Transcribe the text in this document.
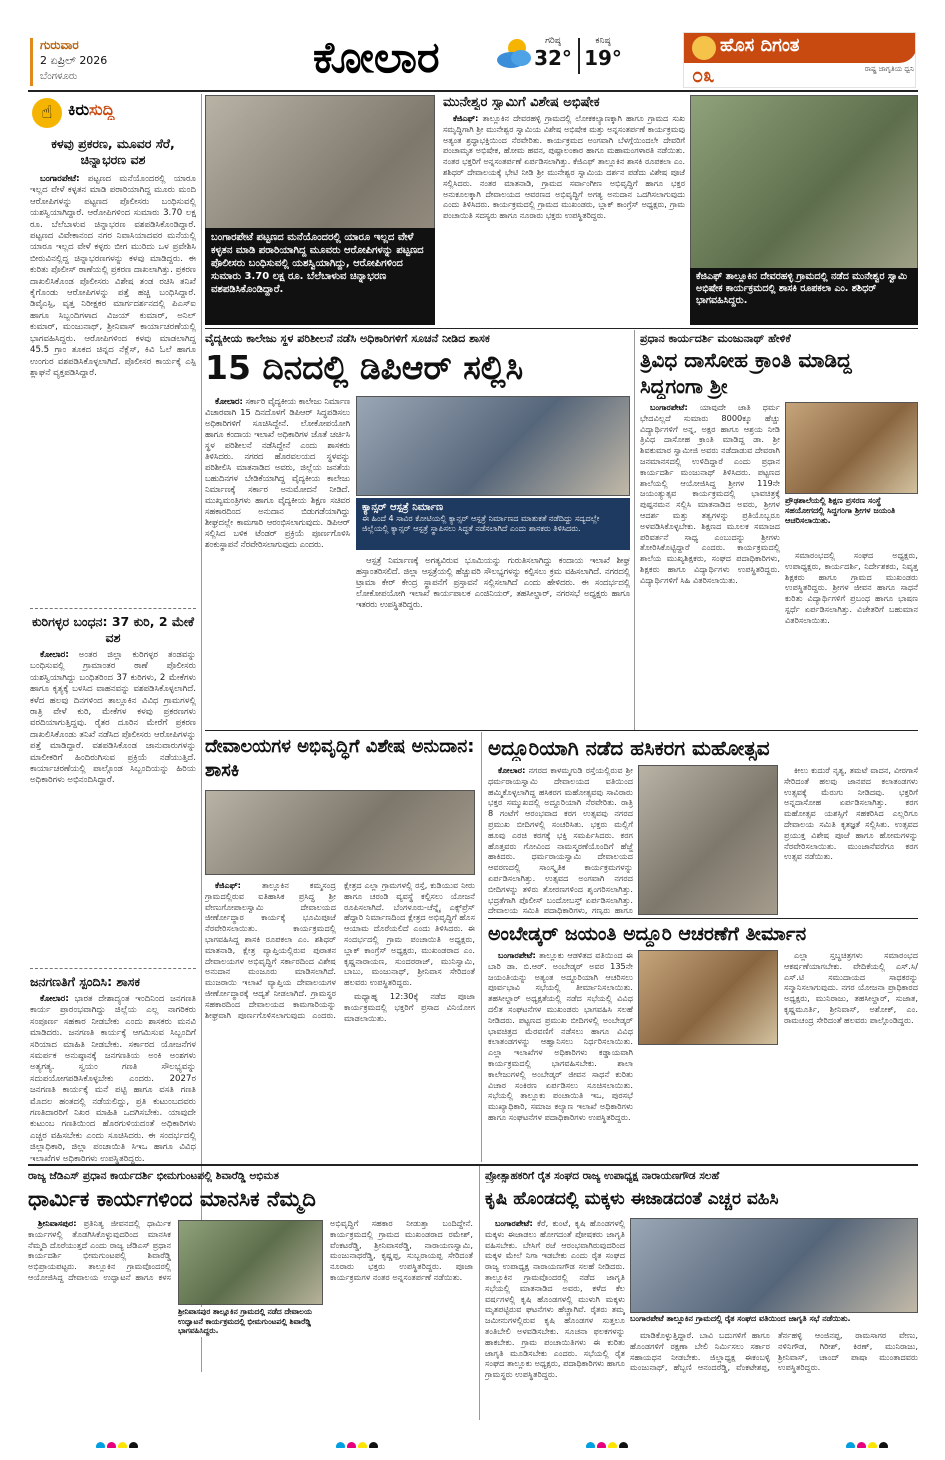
ಗುರುವಾರ
2 ಏಪ್ರಿಲ್ 2026
ಬೆಂಗಳೂರು	ಕೋಲಾರ	ಗರಿಷ್ಠ
32°
ಕನಿಷ್ಠ
19°
ಹೊಸ ದಿಗಂತ
ರಾಷ್ಟ್ರ ಜಾಗೃತಿಯ ಧ್ವನಿ
೦೩
☝ ಕಿರುಸುದ್ದಿ
ಕಳವು ಪ್ರಕರಣ, ಮೂವರ ಸೆರೆ, ಚಿನ್ನಾಭರಣ ವಶ

ಬಂಗಾರಪೇಟೆ: ಪಟ್ಟಣದ ಮನೆಯೊಂದರಲ್ಲಿ ಯಾರೂ ಇಲ್ಲದ ವೇಳೆ ಕಳ್ಳತನ ಮಾಡಿ ಪರಾರಿಯಾಗಿದ್ದ ಮೂರು ಮಂದಿ ಆರೋಪಿಗಳನ್ನು ಪಟ್ಟಣದ ಪೊಲೀಸರು ಬಂಧಿಸುವಲ್ಲಿ ಯಶಸ್ವಿಯಾಗಿದ್ದಾರೆ. ಆರೋಪಿಗಳಿಂದ ಸುಮಾರು 3.70 ಲಕ್ಷ ರೂ. ಬೆಲೆಬಾಳುವ ಚಿನ್ನಾಭರಣ ವಶಪಡಿಸಿಕೊಂಡಿದ್ದಾರೆ. ಪಟ್ಟಣದ ವಿವೇಕಾನಂದ ನಗರ ನಿವಾಸಿಯಾದವರ ಮನೆಯಲ್ಲಿ ಯಾರೂ ಇಲ್ಲದ ವೇಳೆ ಕಳ್ಳರು ಬೀಗ ಮುರಿದು ಒಳ ಪ್ರವೇಶಿಸಿ ಬೀರುವಿನಲ್ಲಿದ್ದ ಚಿನ್ನಾಭರಣಗಳನ್ನು ಕಳವು ಮಾಡಿದ್ದರು. ಈ ಕುರಿತು ಪೊಲೀಸ್ ಠಾಣೆಯಲ್ಲಿ ಪ್ರಕರಣ ದಾಖಲಾಗಿತ್ತು. ಪ್ರಕರಣ ದಾಖಲಿಸಿಕೊಂಡ ಪೊಲೀಸರು ವಿಶೇಷ ತಂಡ ರಚಿಸಿ ತನಿಖೆ ಕೈಗೊಂಡು ಆರೋಪಿಗಳನ್ನು ಪತ್ತೆ ಹಚ್ಚಿ ಬಂಧಿಸಿದ್ದಾರೆ. ಡಿವೈಎಸ್ಪಿ, ವೃತ್ತ ನಿರೀಕ್ಷಕರ ಮಾರ್ಗದರ್ಶನದಲ್ಲಿ ಪಿಎಸ್ಐ ಹಾಗೂ ಸಿಬ್ಬಂದಿಗಳಾದ ವಿಜಯ್ ಕುಮಾರ್, ಅನಿಲ್ ಕುಮಾರ್, ಮಂಜುನಾಥ್, ಶ್ರೀನಿವಾಸ್ ಕಾರ್ಯಾಚರಣೆಯಲ್ಲಿ ಭಾಗವಹಿಸಿದ್ದರು. ಆರೋಪಿಗಳಿಂದ ಕಳವು ಮಾಡಲಾಗಿದ್ದ 45.5 ಗ್ರಾಂ ತೂಕದ ಚಿನ್ನದ ನೆಕ್ಲೆಸ್, ಕಿವಿ ಓಲೆ ಹಾಗೂ ಉಂಗುರ ವಶಪಡಿಸಿಕೊಳ್ಳಲಾಗಿದೆ. ಪೊಲೀಸರ ಕಾರ್ಯಕ್ಕೆ ಎಸ್ಪಿ ಶ್ಲಾಘನೆ ವ್ಯಕ್ತಪಡಿಸಿದ್ದಾರೆ.

ಕುರಿಗಳ್ಳರ ಬಂಧನ: 37 ಕುರಿ, 2 ಮೇಕೆ ವಶ

ಕೋಲಾರ: ಅಂತರ ಜಿಲ್ಲಾ ಕುರಿಗಳ್ಳರ ತಂಡವನ್ನು ಬಂಧಿಸುವಲ್ಲಿ ಗ್ರಾಮಾಂತರ ಠಾಣೆ ಪೊಲೀಸರು ಯಶಸ್ವಿಯಾಗಿದ್ದು ಬಂಧಿತರಿಂದ 37 ಕುರಿಗಳು, 2 ಮೇಕೆಗಳು ಹಾಗೂ ಕೃತ್ಯಕ್ಕೆ ಬಳಸಿದ ವಾಹನವನ್ನು ವಶಪಡಿಸಿಕೊಳ್ಳಲಾಗಿದೆ. ಕಳೆದ ಹಲವು ದಿನಗಳಿಂದ ತಾಲ್ಲೂಕಿನ ವಿವಿಧ ಗ್ರಾಮಗಳಲ್ಲಿ ರಾತ್ರಿ ವೇಳೆ ಕುರಿ, ಮೇಕೆಗಳ ಕಳವು ಪ್ರಕರಣಗಳು ವರದಿಯಾಗುತ್ತಿದ್ದವು. ರೈತರ ದೂರಿನ ಮೇರೆಗೆ ಪ್ರಕರಣ ದಾಖಲಿಸಿಕೊಂಡು ತನಿಖೆ ನಡೆಸಿದ ಪೊಲೀಸರು ಆರೋಪಿಗಳನ್ನು ಪತ್ತೆ ಮಾಡಿದ್ದಾರೆ. ವಶಪಡಿಸಿಕೊಂಡ ಜಾನುವಾರುಗಳನ್ನು ಮಾಲೀಕರಿಗೆ ಹಿಂದಿರುಗಿಸುವ ಪ್ರಕ್ರಿಯೆ ನಡೆಯುತ್ತಿದೆ. ಕಾರ್ಯಾಚರಣೆಯಲ್ಲಿ ಪಾಲ್ಗೊಂಡ ಸಿಬ್ಬಂದಿಯನ್ನು ಹಿರಿಯ ಅಧಿಕಾರಿಗಳು ಅಭಿನಂದಿಸಿದ್ದಾರೆ.

ಜನಗಣತಿಗೆ ಸ್ಪಂದಿಸಿ: ಶಾಸಕ

ಕೋಲಾರ: ಭಾರತ ದೇಶಾದ್ಯಂತ ಇಂದಿನಿಂದ ಜನಗಣತಿ ಕಾರ್ಯ ಪ್ರಾರಂಭವಾಗಿದ್ದು ಜಿಲ್ಲೆಯ ಎಲ್ಲ ನಾಗರಿಕರು ಸಂಪೂರ್ಣ ಸಹಕಾರ ನೀಡಬೇಕು ಎಂದು ಶಾಸಕರು ಮನವಿ ಮಾಡಿದರು. ಜನಗಣತಿ ಕಾರ್ಯಕ್ಕೆ ಆಗಮಿಸುವ ಸಿಬ್ಬಂದಿಗೆ ಸರಿಯಾದ ಮಾಹಿತಿ ನೀಡಬೇಕು. ಸರ್ಕಾರದ ಯೋಜನೆಗಳ ಸಮರ್ಪಕ ಅನುಷ್ಠಾನಕ್ಕೆ ಜನಗಣತಿಯ ಅಂಕಿ ಅಂಶಗಳು ಅತ್ಯಗತ್ಯ. ಸ್ವಯಂ ಗಣತಿ ಸೌಲಭ್ಯವನ್ನು ಸದುಪಯೋಗಪಡಿಸಿಕೊಳ್ಳಬೇಕು ಎಂದರು. 2027ರ ಜನಗಣತಿ ಕಾರ್ಯಕ್ಕೆ ಮನೆ ಪಟ್ಟಿ ಹಾಗೂ ವಸತಿ ಗಣತಿ ಮೊದಲ ಹಂತದಲ್ಲಿ ನಡೆಯಲಿದ್ದು, ಪ್ರತಿ ಕುಟುಂಬದವರು ಗಣತಿದಾರರಿಗೆ ನಿಖರ ಮಾಹಿತಿ ಒದಗಿಸಬೇಕು. ಯಾವುದೇ ಕುಟುಂಬ ಗಣತಿಯಿಂದ ಹೊರಗುಳಿಯದಂತೆ ಅಧಿಕಾರಿಗಳು ಎಚ್ಚರ ವಹಿಸಬೇಕು ಎಂದು ಸೂಚಿಸಿದರು. ಈ ಸಂದರ್ಭದಲ್ಲಿ ಜಿಲ್ಲಾಧಿಕಾರಿ, ಜಿಲ್ಲಾ ಪಂಚಾಯಿತಿ ಸಿಇಒ ಹಾಗೂ ವಿವಿಧ ಇಲಾಖೆಗಳ ಅಧಿಕಾರಿಗಳು ಉಪಸ್ಥಿತರಿದ್ದರು.

ಬಂಗಾರಪೇಟೆ ಪಟ್ಟಣದ ಮನೆಯೊಂದರಲ್ಲಿ ಯಾರೂ ಇಲ್ಲದ ವೇಳೆ ಕಳ್ಳತನ ಮಾಡಿ ಪರಾರಿಯಾಗಿದ್ದ ಮೂವರು ಆರೋಪಿಗಳನ್ನು ಪಟ್ಟಣದ ಪೊಲೀಸರು ಬಂಧಿಸುವಲ್ಲಿ ಯಶಸ್ವಿಯಾಗಿದ್ದು, ಆರೋಪಿಗಳಿಂದ ಸುಮಾರು 3.70 ಲಕ್ಷ ರೂ. ಬೆಲೆಬಾಳುವ ಚಿನ್ನಾಭರಣ ವಶಪಡಿಸಿಕೊಂಡಿದ್ದಾರೆ.
ಮುನೇಶ್ವರ ಸ್ವಾಮಿಗೆ ವಿಶೇಷ ಅಭಿಷೇಕ

ಕೆಜಿಎಫ್: ತಾಲ್ಲೂಕಿನ ದೇವರಹಳ್ಳಿ ಗ್ರಾಮದಲ್ಲಿ ಲೋಕಕಲ್ಯಾಣಕ್ಕಾಗಿ ಹಾಗೂ ಗ್ರಾಮದ ಸುಖ ಸಮೃದ್ಧಿಗಾಗಿ ಶ್ರೀ ಮುನೇಶ್ವರ ಸ್ವಾಮಿಯ ವಿಶೇಷ ಅಭಿಷೇಕ ಮತ್ತು ಅನ್ನಸಂತರ್ಪಣೆ ಕಾರ್ಯಕ್ರಮವು ಅತ್ಯಂತ ಶ್ರದ್ಧಾಭಕ್ತಿಯಿಂದ ನೆರವೇರಿತು. ಕಾರ್ಯಕ್ರಮದ ಅಂಗವಾಗಿ ಬೆಳಗ್ಗೆಯಿಂದಲೇ ದೇವರಿಗೆ ಪಂಚಾಮೃತ ಅಭಿಷೇಕ, ಹೋಮ ಹವನ, ಪುಷ್ಪಾಲಂಕಾರ ಹಾಗೂ ಮಹಾಮಂಗಳಾರತಿ ನಡೆಯಿತು. ನಂತರ ಭಕ್ತರಿಗೆ ಅನ್ನಸಂತರ್ಪಣೆ ಏರ್ಪಡಿಸಲಾಗಿತ್ತು. ಕೆಜಿಎಫ್ ತಾಲ್ಲೂಕಿನ ಶಾಸಕಿ ರೂಪಕಲಾ ಎಂ. ಶಶಿಧರ್ ದೇವಾಲಯಕ್ಕೆ ಭೇಟಿ ನೀಡಿ ಶ್ರೀ ಮುನೇಶ್ವರ ಸ್ವಾಮಿಯ ದರ್ಶನ ಪಡೆದು ವಿಶೇಷ ಪೂಜೆ ಸಲ್ಲಿಸಿದರು. ನಂತರ ಮಾತನಾಡಿ, ಗ್ರಾಮದ ಸರ್ವಾಂಗೀಣ ಅಭಿವೃದ್ಧಿಗೆ ಹಾಗೂ ಭಕ್ತರ ಅನುಕೂಲಕ್ಕಾಗಿ ದೇವಾಲಯದ ಆವರಣದ ಅಭಿವೃದ್ಧಿಗೆ ಅಗತ್ಯ ಅನುದಾನ ಒದಗಿಸಲಾಗುವುದು ಎಂದು ತಿಳಿಸಿದರು. ಕಾರ್ಯಕ್ರಮದಲ್ಲಿ ಗ್ರಾಮದ ಮುಖಂಡರು, ಬ್ಲಾಕ್ ಕಾಂಗ್ರೆಸ್ ಅಧ್ಯಕ್ಷರು, ಗ್ರಾಮ ಪಂಚಾಯಿತಿ ಸದಸ್ಯರು ಹಾಗೂ ನೂರಾರು ಭಕ್ತರು ಉಪಸ್ಥಿತರಿದ್ದರು.

ಕೆಜಿಎಫ್ ತಾಲ್ಲೂಕಿನ ದೇವರಹಳ್ಳಿ ಗ್ರಾಮದಲ್ಲಿ ನಡೆದ ಮುನೇಶ್ವರ ಸ್ವಾಮಿ ಅಭಿಷೇಕ ಕಾರ್ಯಕ್ರಮದಲ್ಲಿ ಶಾಸಕಿ ರೂಪಕಲಾ ಎಂ. ಶಶಿಧರ್ ಭಾಗವಹಿಸಿದ್ದರು.
ವೈದ್ಯಕೀಯ ಕಾಲೇಜು ಸ್ಥಳ ಪರಿಶೀಲನೆ ನಡೆಸಿ ಅಧಿಕಾರಿಗಳಿಗೆ ಸೂಚನೆ ನೀಡಿದ ಶಾಸಕ
15 ದಿನದಲ್ಲಿ ಡಿಪಿಆರ್ ಸಲ್ಲಿಸಿ

ಕೋಲಾರ: ಸರ್ಕಾರಿ ವೈದ್ಯಕೀಯ ಕಾಲೇಜು ನಿರ್ಮಾಣ ವಿಚಾರವಾಗಿ 15 ದಿನದೊಳಗೆ ಡಿಪಿಆರ್ ಸಿದ್ಧಪಡಿಸಲು ಅಧಿಕಾರಿಗಳಿಗೆ ಸೂಚಿಸಿದ್ದೇನೆ. ಲೋಕೋಪಯೋಗಿ ಹಾಗೂ ಕಂದಾಯ ಇಲಾಖೆ ಅಧಿಕಾರಿಗಳ ಜೊತೆ ಚರ್ಚಿಸಿ ಸ್ಥಳ ಪರಿಶೀಲನೆ ನಡೆಸಿದ್ದೇನೆ ಎಂದು ಶಾಸಕರು ತಿಳಿಸಿದರು. ನಗರದ ಹೊರವಲಯದ ಸ್ಥಳವನ್ನು ಪರಿಶೀಲಿಸಿ ಮಾತನಾಡಿದ ಅವರು, ಜಿಲ್ಲೆಯ ಜನತೆಯ ಬಹುದಿನಗಳ ಬೇಡಿಕೆಯಾಗಿದ್ದ ವೈದ್ಯಕೀಯ ಕಾಲೇಜು ನಿರ್ಮಾಣಕ್ಕೆ ಸರ್ಕಾರ ಅನುಮೋದನೆ ನೀಡಿದೆ. ಮುಖ್ಯಮಂತ್ರಿಗಳು ಹಾಗೂ ವೈದ್ಯಕೀಯ ಶಿಕ್ಷಣ ಸಚಿವರ ಸಹಕಾರದಿಂದ ಅನುದಾನ ಬಿಡುಗಡೆಯಾಗಿದ್ದು ಶೀಘ್ರದಲ್ಲೇ ಕಾಮಗಾರಿ ಆರಂಭಿಸಲಾಗುವುದು. ಡಿಪಿಆರ್ ಸಲ್ಲಿಸಿದ ಬಳಿಕ ಟೆಂಡರ್ ಪ್ರಕ್ರಿಯೆ ಪೂರ್ಣಗೊಳಿಸಿ ಶಂಕುಸ್ಥಾಪನೆ ನೆರವೇರಿಸಲಾಗುವುದು ಎಂದರು.

ಕ್ಯಾನ್ಸರ್ ಆಸ್ಪತ್ರೆ ನಿರ್ಮಾಣ
ಈ ಹಿಂದೆ 4 ಸಾವಿರ ಕೋಟಿಯಲ್ಲಿ ಕ್ಯಾನ್ಸರ್ ಆಸ್ಪತ್ರೆ ನಿರ್ಮಾಣದ ಮಾತುಕತೆ ನಡೆದಿದ್ದು ಸದ್ಯದಲ್ಲೇ ಜಿಲ್ಲೆಯಲ್ಲಿ ಕ್ಯಾನ್ಸರ್ ಆಸ್ಪತ್ರೆ ಸ್ಥಾಪಿಸಲು ಸಿದ್ಧತೆ ನಡೆಸಲಾಗಿದೆ ಎಂದು ಶಾಸಕರು ತಿಳಿಸಿದರು.

ಆಸ್ಪತ್ರೆ ನಿರ್ಮಾಣಕ್ಕೆ ಅಗತ್ಯವಿರುವ ಭೂಮಿಯನ್ನು ಗುರುತಿಸಲಾಗಿದ್ದು ಕಂದಾಯ ಇಲಾಖೆ ಶೀಘ್ರ ಹಸ್ತಾಂತರಿಸಲಿದೆ. ಜಿಲ್ಲಾ ಆಸ್ಪತ್ರೆಯಲ್ಲಿ ಹೆಚ್ಚುವರಿ ಸೌಲಭ್ಯಗಳನ್ನು ಕಲ್ಪಿಸಲು ಕ್ರಮ ವಹಿಸಲಾಗಿದೆ. ನಗರದಲ್ಲಿ ಟ್ರಾಮಾ ಕೇರ್ ಕೇಂದ್ರ ಸ್ಥಾಪನೆಗೆ ಪ್ರಸ್ತಾವನೆ ಸಲ್ಲಿಸಲಾಗಿದೆ ಎಂದು ಹೇಳಿದರು. ಈ ಸಂದರ್ಭದಲ್ಲಿ ಲೋಕೋಪಯೋಗಿ ಇಲಾಖೆ ಕಾರ್ಯಪಾಲಕ ಎಂಜಿನಿಯರ್, ತಹಸೀಲ್ದಾರ್, ನಗರಸಭೆ ಅಧ್ಯಕ್ಷರು ಹಾಗೂ ಇತರರು ಉಪಸ್ಥಿತರಿದ್ದರು.

ಪ್ರಧಾನ ಕಾರ್ಯದರ್ಶಿ ಮಂಜುನಾಥ್ ಹೇಳಿಕೆ
ತ್ರಿವಿಧ ದಾಸೋಹ ಕ್ರಾಂತಿ ಮಾಡಿದ್ದ ಸಿದ್ದಗಂಗಾ ಶ್ರೀ

ಬಂಗಾರಪೇಟೆ: ಯಾವುದೇ ಜಾತಿ ಧರ್ಮ ಭೇದವಿಲ್ಲದೆ ಸುಮಾರು 8000ಕ್ಕೂ ಹೆಚ್ಚು ವಿದ್ಯಾರ್ಥಿಗಳಿಗೆ ಅನ್ನ, ಅಕ್ಷರ ಹಾಗೂ ಆಶ್ರಯ ನೀಡಿ ತ್ರಿವಿಧ ದಾಸೋಹ ಕ್ರಾಂತಿ ಮಾಡಿದ್ದ ಡಾ. ಶ್ರೀ ಶಿವಕುಮಾರ ಸ್ವಾಮೀಜಿ ಅವರು ನಡೆದಾಡುವ ದೇವರಾಗಿ ಜನಮಾನಸದಲ್ಲಿ ಉಳಿದಿದ್ದಾರೆ ಎಂದು ಪ್ರಧಾನ ಕಾರ್ಯದರ್ಶಿ ಮಂಜುನಾಥ್ ತಿಳಿಸಿದರು. ಪಟ್ಟಣದ ಶಾಲೆಯಲ್ಲಿ ಆಯೋಜಿಸಿದ್ದ ಶ್ರೀಗಳ 119ನೇ ಜಯಂತ್ಯುತ್ಸವ ಕಾರ್ಯಕ್ರಮದಲ್ಲಿ ಭಾವಚಿತ್ರಕ್ಕೆ ಪುಷ್ಪನಮನ ಸಲ್ಲಿಸಿ ಮಾತನಾಡಿದ ಅವರು, ಶ್ರೀಗಳ ಆದರ್ಶ ಮತ್ತು ತತ್ವಗಳನ್ನು ಪ್ರತಿಯೊಬ್ಬರೂ ಅಳವಡಿಸಿಕೊಳ್ಳಬೇಕು. ಶಿಕ್ಷಣದ ಮೂಲಕ ಸಮಾಜದ ಪರಿವರ್ತನೆ ಸಾಧ್ಯ ಎಂಬುದನ್ನು ಶ್ರೀಗಳು ತೋರಿಸಿಕೊಟ್ಟಿದ್ದಾರೆ ಎಂದರು. ಕಾರ್ಯಕ್ರಮದಲ್ಲಿ ಶಾಲೆಯ ಮುಖ್ಯಶಿಕ್ಷಕರು, ಸಂಘದ ಪದಾಧಿಕಾರಿಗಳು, ಶಿಕ್ಷಕರು ಹಾಗೂ ವಿದ್ಯಾರ್ಥಿಗಳು ಉಪಸ್ಥಿತರಿದ್ದರು. ವಿದ್ಯಾರ್ಥಿಗಳಿಗೆ ಸಿಹಿ ವಿತರಿಸಲಾಯಿತು.

ಪ್ರೌಢಶಾಲೆಯಲ್ಲಿ ಶಿಕ್ಷಣ ಪ್ರಸರಣ ಸಂಸ್ಥೆ ಸಹಯೋಗದಲ್ಲಿ ಸಿದ್ದಗಂಗಾ ಶ್ರೀಗಳ ಜಯಂತಿ ಆಚರಿಸಲಾಯಿತು.

ಸಮಾರಂಭದಲ್ಲಿ ಸಂಘದ ಅಧ್ಯಕ್ಷರು, ಉಪಾಧ್ಯಕ್ಷರು, ಕಾರ್ಯದರ್ಶಿ, ನಿರ್ದೇಶಕರು, ನಿವೃತ್ತ ಶಿಕ್ಷಕರು ಹಾಗೂ ಗ್ರಾಮದ ಮುಖಂಡರು ಉಪಸ್ಥಿತರಿದ್ದರು. ಶ್ರೀಗಳ ಜೀವನ ಹಾಗೂ ಸಾಧನೆ ಕುರಿತು ವಿದ್ಯಾರ್ಥಿಗಳಿಗೆ ಪ್ರಬಂಧ ಹಾಗೂ ಭಾಷಣ ಸ್ಪರ್ಧೆ ಏರ್ಪಡಿಸಲಾಗಿತ್ತು. ವಿಜೇತರಿಗೆ ಬಹುಮಾನ ವಿತರಿಸಲಾಯಿತು.

ದೇವಾಲಯಗಳ ಅಭಿವೃದ್ಧಿಗೆ ವಿಶೇಷ ಅನುದಾನ: ಶಾಸಕಿ

ಕೆಜಿಎಫ್:	ತಾಲ್ಲೂಕಿನ ಕಮ್ಮಸಂದ್ರ ಗ್ರಾಮದಲ್ಲಿರುವ ಐತಿಹಾಸಿಕ ಪ್ರಸಿದ್ಧ ಶ್ರೀ ವೇಣುಗೋಪಾಲಸ್ವಾಮಿ ದೇವಾಲಯದ ಜೀರ್ಣೋದ್ಧಾರ ಕಾರ್ಯಕ್ಕೆ ಭೂಮಿಪೂಜೆ ನೆರವೇರಿಸಲಾಯಿತು. ಕಾರ್ಯಕ್ರಮದಲ್ಲಿ ಭಾಗವಹಿಸಿದ್ದ ಶಾಸಕಿ ರೂಪಕಲಾ ಎಂ. ಶಶಿಧರ್ ಮಾತನಾಡಿ, ಕ್ಷೇತ್ರ ವ್ಯಾಪ್ತಿಯಲ್ಲಿರುವ ಪುರಾತನ ದೇವಾಲಯಗಳ ಅಭಿವೃದ್ಧಿಗೆ ಸರ್ಕಾರದಿಂದ ವಿಶೇಷ ಅನುದಾನ ಮಂಜೂರು ಮಾಡಿಸಲಾಗಿದೆ. ಮುಜರಾಯಿ ಇಲಾಖೆ ವ್ಯಾಪ್ತಿಯ ದೇವಾಲಯಗಳ ಜೀರ್ಣೋದ್ಧಾರಕ್ಕೆ ಆದ್ಯತೆ ನೀಡಲಾಗಿದೆ. ಗ್ರಾಮಸ್ಥರ ಸಹಕಾರದಿಂದ ದೇವಾಲಯದ ಕಾಮಗಾರಿಯನ್ನು ಶೀಘ್ರವಾಗಿ ಪೂರ್ಣಗೊಳಿಸಲಾಗುವುದು ಎಂದರು. ಕ್ಷೇತ್ರದ ಎಲ್ಲಾ ಗ್ರಾಮಗಳಲ್ಲಿ ರಸ್ತೆ, ಕುಡಿಯುವ ನೀರು ಹಾಗೂ ಚರಂಡಿ ವ್ಯವಸ್ಥೆ ಕಲ್ಪಿಸಲು ಯೋಜನೆ ರೂಪಿಸಲಾಗಿದೆ. ಬೆಂಗಳೂರು-ಚೆನ್ನೈ ಎಕ್ಸ್‌ಪ್ರೆಸ್ ಹೆದ್ದಾರಿ ನಿರ್ಮಾಣದಿಂದ ಕ್ಷೇತ್ರದ ಅಭಿವೃದ್ಧಿಗೆ ಹೊಸ ಆಯಾಮ ದೊರೆಯಲಿದೆ ಎಂದು ತಿಳಿಸಿದರು. ಈ ಸಂದರ್ಭದಲ್ಲಿ ಗ್ರಾಮ ಪಂಚಾಯಿತಿ ಅಧ್ಯಕ್ಷರು, ಬ್ಲಾಕ್ ಕಾಂಗ್ರೆಸ್ ಅಧ್ಯಕ್ಷರು, ಮುಖಂಡರಾದ ಎಂ. ಕೃಷ್ಣನಾರಾಯಣ, ಸುಂದರರಾಜ್, ಮುನಿಸ್ವಾಮಿ, ಬಾಬು, ಮಂಜುನಾಥ್, ಶ್ರೀನಿವಾಸ ಸೇರಿದಂತೆ ಹಲವರು ಉಪಸ್ಥಿತರಿದ್ದರು.

ಮಧ್ಯಾಹ್ನ 12:30ಕ್ಕೆ ನಡೆದ ಪೂಜಾ ಕಾರ್ಯಕ್ರಮದಲ್ಲಿ ಭಕ್ತರಿಗೆ ಪ್ರಸಾದ ವಿನಿಯೋಗ ಮಾಡಲಾಯಿತು.

ಅದ್ದೂರಿಯಾಗಿ ನಡೆದ ಹಸಿಕರಗ ಮಹೋತ್ಸವ

ಕೋಲಾರ: ನಗರದ ಕಾಳಮ್ಮಗುಡಿ ರಸ್ತೆಯಲ್ಲಿರುವ ಶ್ರೀ ಧರ್ಮರಾಯಸ್ವಾಮಿ ದೇವಾಲಯದ ವತಿಯಿಂದ ಹಮ್ಮಿಕೊಳ್ಳಲಾಗಿದ್ದ ಹಸಿಕರಗ ಮಹೋತ್ಸವವು ಸಾವಿರಾರು ಭಕ್ತರ ಸಮ್ಮುಖದಲ್ಲಿ ಅದ್ದೂರಿಯಾಗಿ ನೆರವೇರಿತು. ರಾತ್ರಿ 8 ಗಂಟೆಗೆ ಆರಂಭವಾದ ಕರಗ ಉತ್ಸವವು ನಗರದ ಪ್ರಮುಖ ಬೀದಿಗಳಲ್ಲಿ ಸಂಚರಿಸಿತು. ಭಕ್ತರು ಮಲ್ಲಿಗೆ ಹೂವು ಎರಚಿ ಕರಗಕ್ಕೆ ಭಕ್ತಿ ಸಮರ್ಪಿಸಿದರು. ಕರಗ ಹೊತ್ತವರು ಗೋವಿಂದ ನಾಮಸ್ಮರಣೆಯೊಂದಿಗೆ ಹೆಜ್ಜೆ ಹಾಕಿದರು. ಧರ್ಮರಾಯಸ್ವಾಮಿ ದೇವಾಲಯದ ಆವರಣದಲ್ಲಿ ಸಾಂಸ್ಕೃತಿಕ ಕಾರ್ಯಕ್ರಮಗಳನ್ನು ಏರ್ಪಡಿಸಲಾಗಿತ್ತು. ಉತ್ಸವದ ಅಂಗವಾಗಿ ನಗರದ ಬೀದಿಗಳನ್ನು ತಳಿರು ತೋರಣಗಳಿಂದ ಶೃಂಗರಿಸಲಾಗಿತ್ತು. ಭದ್ರತೆಗಾಗಿ ಪೊಲೀಸ್ ಬಂದೋಬಸ್ತ್ ಏರ್ಪಡಿಸಲಾಗಿತ್ತು. ದೇವಾಲಯ ಸಮಿತಿ ಪದಾಧಿಕಾರಿಗಳು, ಗಣ್ಯರು ಹಾಗೂ

ಕೀಲು ಕುದುರೆ ನೃತ್ಯ, ತಮಟೆ ವಾದನ, ವೀರಗಾಸೆ ಸೇರಿದಂತೆ ಹಲವು ಜಾನಪದ ಕಲಾತಂಡಗಳು ಉತ್ಸವಕ್ಕೆ ಮೆರುಗು ನೀಡಿದವು. ಭಕ್ತರಿಗೆ ಅನ್ನದಾಸೋಹ ಏರ್ಪಡಿಸಲಾಗಿತ್ತು. ಕರಗ ಮಹೋತ್ಸವ ಯಶಸ್ಸಿಗೆ ಸಹಕರಿಸಿದ ಎಲ್ಲರಿಗೂ ದೇವಾಲಯ ಸಮಿತಿ ಕೃತಜ್ಞತೆ ಸಲ್ಲಿಸಿತು. ಉತ್ಸವದ ಪ್ರಯುಕ್ತ ವಿಶೇಷ ಪೂಜೆ ಹಾಗೂ ಹೋಮಗಳನ್ನು ನೆರವೇರಿಸಲಾಯಿತು. ಮುಂಜಾನೆವರೆಗೂ ಕರಗ ಉತ್ಸವ ನಡೆಯಿತು.

ಅಂಬೇಡ್ಕರ್ ಜಯಂತಿ ಅದ್ದೂರಿ ಆಚರಣೆಗೆ ತೀರ್ಮಾನ

ಬಂಗಾರಪೇಟೆ: ತಾಲ್ಲೂಕು ಆಡಳಿತದ ವತಿಯಿಂದ ಈ ಬಾರಿ ಡಾ. ಬಿ.ಆರ್. ಅಂಬೇಡ್ಕರ್ ಅವರ 135ನೇ ಜಯಂತಿಯನ್ನು ಅತ್ಯಂತ ಅದ್ದೂರಿಯಾಗಿ ಆಚರಿಸಲು ಪೂರ್ವಭಾವಿ ಸಭೆಯಲ್ಲಿ ತೀರ್ಮಾನಿಸಲಾಯಿತು. ತಹಸೀಲ್ದಾರ್ ಅಧ್ಯಕ್ಷತೆಯಲ್ಲಿ ನಡೆದ ಸಭೆಯಲ್ಲಿ ವಿವಿಧ ದಲಿತ ಸಂಘಟನೆಗಳ ಮುಖಂಡರು ಭಾಗವಹಿಸಿ ಸಲಹೆ ನೀಡಿದರು. ಪಟ್ಟಣದ ಪ್ರಮುಖ ಬೀದಿಗಳಲ್ಲಿ ಅಂಬೇಡ್ಕರ್ ಭಾವಚಿತ್ರದ ಮೆರವಣಿಗೆ ನಡೆಸಲು ಹಾಗೂ ವಿವಿಧ ಕಲಾತಂಡಗಳನ್ನು ಆಹ್ವಾನಿಸಲು ನಿರ್ಧರಿಸಲಾಯಿತು. ಎಲ್ಲಾ ಇಲಾಖೆಗಳ ಅಧಿಕಾರಿಗಳು ಕಡ್ಡಾಯವಾಗಿ ಕಾರ್ಯಕ್ರಮದಲ್ಲಿ ಭಾಗವಹಿಸಬೇಕು. ಶಾಲಾ ಕಾಲೇಜುಗಳಲ್ಲಿ ಅಂಬೇಡ್ಕರ್ ಜೀವನ ಸಾಧನೆ ಕುರಿತು ವಿಚಾರ ಸಂಕಿರಣ ಏರ್ಪಡಿಸಲು ಸೂಚಿಸಲಾಯಿತು. ಸಭೆಯಲ್ಲಿ ತಾಲ್ಲೂಕು ಪಂಚಾಯಿತಿ ಇಒ, ಪುರಸಭೆ ಮುಖ್ಯಾಧಿಕಾರಿ, ಸಮಾಜ ಕಲ್ಯಾಣ ಇಲಾಖೆ ಅಧಿಕಾರಿಗಳು ಹಾಗೂ ಸಂಘಟನೆಗಳ ಪದಾಧಿಕಾರಿಗಳು ಉಪಸ್ಥಿತರಿದ್ದರು.

ಎಲ್ಲಾ ಸ್ತಬ್ಧಚಿತ್ರಗಳು ಸಮಾರಂಭದ ಆಕರ್ಷಣೆಯಾಗಬೇಕು. ವೇದಿಕೆಯಲ್ಲಿ ಎಸ್.ಸಿ/ಎಸ್.ಟಿ ಸಮುದಾಯದ ಸಾಧಕರನ್ನು ಸನ್ಮಾನಿಸಲಾಗುವುದು. ನಗರ ಯೋಜನಾ ಪ್ರಾಧಿಕಾರದ ಅಧ್ಯಕ್ಷರು, ಮುನಿರಾಜು, ತಹಸೀಲ್ದಾರ್, ಸುಜಾತ, ಕೃಷ್ಣಮೂರ್ತಿ, ಶ್ರೀನಿವಾಸ್, ಅಶೋಕ್, ಎಂ. ರಾಮಚಂದ್ರ ಸೇರಿದಂತೆ ಹಲವರು ಪಾಲ್ಗೊಂಡಿದ್ದರು.

ರಾಜ್ಯ ಜೆಡಿಎಸ್ ಪ್ರಧಾನ ಕಾರ್ಯದರ್ಶಿ ಭೀಮಗುಂಟಪಲ್ಲಿ ಶಿವಾರೆಡ್ಡಿ ಅಭಿಮತ
ಧಾರ್ಮಿಕ ಕಾರ್ಯಗಳಿಂದ ಮಾನಸಿಕ ನೆಮ್ಮದಿ

ಶ್ರೀನಿವಾಸಪುರ: ಪ್ರತಿನಿತ್ಯ ಜೀವನದಲ್ಲಿ ಧಾರ್ಮಿಕ ಕಾರ್ಯಗಳಲ್ಲಿ ತೊಡಗಿಸಿಕೊಳ್ಳುವುದರಿಂದ ಮಾನಸಿಕ ನೆಮ್ಮದಿ ದೊರೆಯುತ್ತದೆ ಎಂದು ರಾಜ್ಯ ಜೆಡಿಎಸ್ ಪ್ರಧಾನ ಕಾರ್ಯದರ್ಶಿ ಭೀಮಗುಂಟಪಲ್ಲಿ ಶಿವಾರೆಡ್ಡಿ ಅಭಿಪ್ರಾಯಪಟ್ಟರು. ತಾಲ್ಲೂಕಿನ ಗ್ರಾಮವೊಂದರಲ್ಲಿ ಆಯೋಜಿಸಿದ್ದ ದೇವಾಲಯ ಉದ್ಘಾಟನೆ ಹಾಗೂ ಕಳಸ ಅಭಿವೃದ್ಧಿಗೆ ಸಹಕಾರ ನೀಡುತ್ತಾ ಬಂದಿದ್ದೇನೆ. ಕಾರ್ಯಕ್ರಮದಲ್ಲಿ ಗ್ರಾಮದ ಮುಖಂಡರಾದ ರಮೇಶ್, ವೆಂಕಟರೆಡ್ಡಿ, ಶ್ರೀನಿವಾಸರೆಡ್ಡಿ, ನಾರಾಯಣಸ್ವಾಮಿ, ಮಂಜುನಾಥರೆಡ್ಡಿ, ಕೃಷ್ಣಪ್ಪ, ಸುಬ್ಬರಾಯಪ್ಪ ಸೇರಿದಂತೆ ನೂರಾರು ಭಕ್ತರು ಉಪಸ್ಥಿತರಿದ್ದರು. ಪೂಜಾ ಕಾರ್ಯಕ್ರಮಗಳ ನಂತರ ಅನ್ನಸಂತರ್ಪಣೆ ನಡೆಯಿತು.

ಶ್ರೀನಿವಾಸಪುರ ತಾಲ್ಲೂಕಿನ ಗ್ರಾಮದಲ್ಲಿ ನಡೆದ ದೇವಾಲಯ ಉದ್ಘಾಟನೆ ಕಾರ್ಯಕ್ರಮದಲ್ಲಿ ಭೀಮಗುಂಟಪಲ್ಲಿ ಶಿವಾರೆಡ್ಡಿ ಭಾಗವಹಿಸಿದ್ದರು.
ಪ್ರೋತ್ಸಾಹಕರಿಗೆ ರೈತ ಸಂಘದ ರಾಜ್ಯ ಉಪಾಧ್ಯಕ್ಷ ನಾರಾಯಣಗೌಡ ಸಲಹೆ
ಕೃಷಿ ಹೊಂಡದಲ್ಲಿ ಮಕ್ಕಳು ಈಜಾಡದಂತೆ ಎಚ್ಚರ ವಹಿಸಿ

ಬಂಗಾರಪೇಟೆ: ಕೆರೆ, ಕುಂಟೆ, ಕೃಷಿ ಹೊಂಡಗಳಲ್ಲಿ ಮಕ್ಕಳು ಈಜಾಡಲು ಹೋಗದಂತೆ ಪೋಷಕರು ಜಾಗೃತಿ ವಹಿಸಬೇಕು. ಬೇಸಿಗೆ ರಜೆ ಆರಂಭವಾಗಿರುವುದರಿಂದ ಮಕ್ಕಳ ಮೇಲೆ ನಿಗಾ ಇಡಬೇಕು ಎಂದು ರೈತ ಸಂಘದ ರಾಜ್ಯ ಉಪಾಧ್ಯಕ್ಷ ನಾರಾಯಣಗೌಡ ಸಲಹೆ ನೀಡಿದರು. ತಾಲ್ಲೂಕಿನ ಗ್ರಾಮವೊಂದರಲ್ಲಿ ನಡೆದ ಜಾಗೃತಿ ಸಭೆಯಲ್ಲಿ ಮಾತನಾಡಿದ ಅವರು, ಕಳೆದ ಕೆಲ ವರ್ಷಗಳಲ್ಲಿ ಕೃಷಿ ಹೊಂಡಗಳಲ್ಲಿ ಮುಳುಗಿ ಮಕ್ಕಳು ಮೃತಪಟ್ಟಿರುವ ಘಟನೆಗಳು ಹೆಚ್ಚಾಗಿವೆ. ರೈತರು ತಮ್ಮ ಜಮೀನುಗಳಲ್ಲಿರುವ ಕೃಷಿ ಹೊಂಡಗಳ ಸುತ್ತಲೂ ತಂತಿಬೇಲಿ ಅಳವಡಿಸಬೇಕು. ಸೂಚನಾ ಫಲಕಗಳನ್ನು ಹಾಕಬೇಕು. ಗ್ರಾಮ ಪಂಚಾಯಿತಿಗಳು ಈ ಕುರಿತು ಜಾಗೃತಿ ಮೂಡಿಸಬೇಕು ಎಂದರು. ಸಭೆಯಲ್ಲಿ ರೈತ ಸಂಘದ ತಾಲ್ಲೂಕು ಅಧ್ಯಕ್ಷರು, ಪದಾಧಿಕಾರಿಗಳು ಹಾಗೂ ಗ್ರಾಮಸ್ಥರು ಉಪಸ್ಥಿತರಿದ್ದರು.

ಬಂಗಾರಪೇಟೆ ತಾಲ್ಲೂಕಿನ ಗ್ರಾಮದಲ್ಲಿ ರೈತ ಸಂಘದ ವತಿಯಿಂದ ಜಾಗೃತಿ ಸಭೆ ನಡೆಯಿತು.

ಮಾಡಿಕೊಳ್ಳುತ್ತಿದ್ದಾರೆ. ಬಾವಿ ಬದುಗಳಿಗೆ ಹಾಗೂ ಹೊಂಡಗಳಿಗೆ ರಕ್ಷಣಾ ಬೇಲಿ ನಿರ್ಮಿಸಲು ಸರ್ಕಾರ ಸಹಾಯಧನ ನೀಡಬೇಕು. ಜಿಲ್ಲಾಧ್ಯಕ್ಷ ಈಕಂಬಳ್ಳಿ ಮಂಜುನಾಥ್, ಹೆಬ್ಬಣಿ ಆನಂದರೆಡ್ಡಿ, ವೆಂಕಟೇಶಪ್ಪ, ತೆರ್ನಹಳ್ಳಿ ಆಂಜಿನಪ್ಪ, ರಾಮಸಾಗರ ವೇಣು, ನಳಿನಿಗೌಡ, ಗಿರೀಶ್, ಕಿರಣ್, ಮುನಿರಾಜು, ಶ್ರೀನಿವಾಸ್, ಚಾಂದ್ ಪಾಷಾ ಮುಂತಾದವರು ಉಪಸ್ಥಿತರಿದ್ದರು.
